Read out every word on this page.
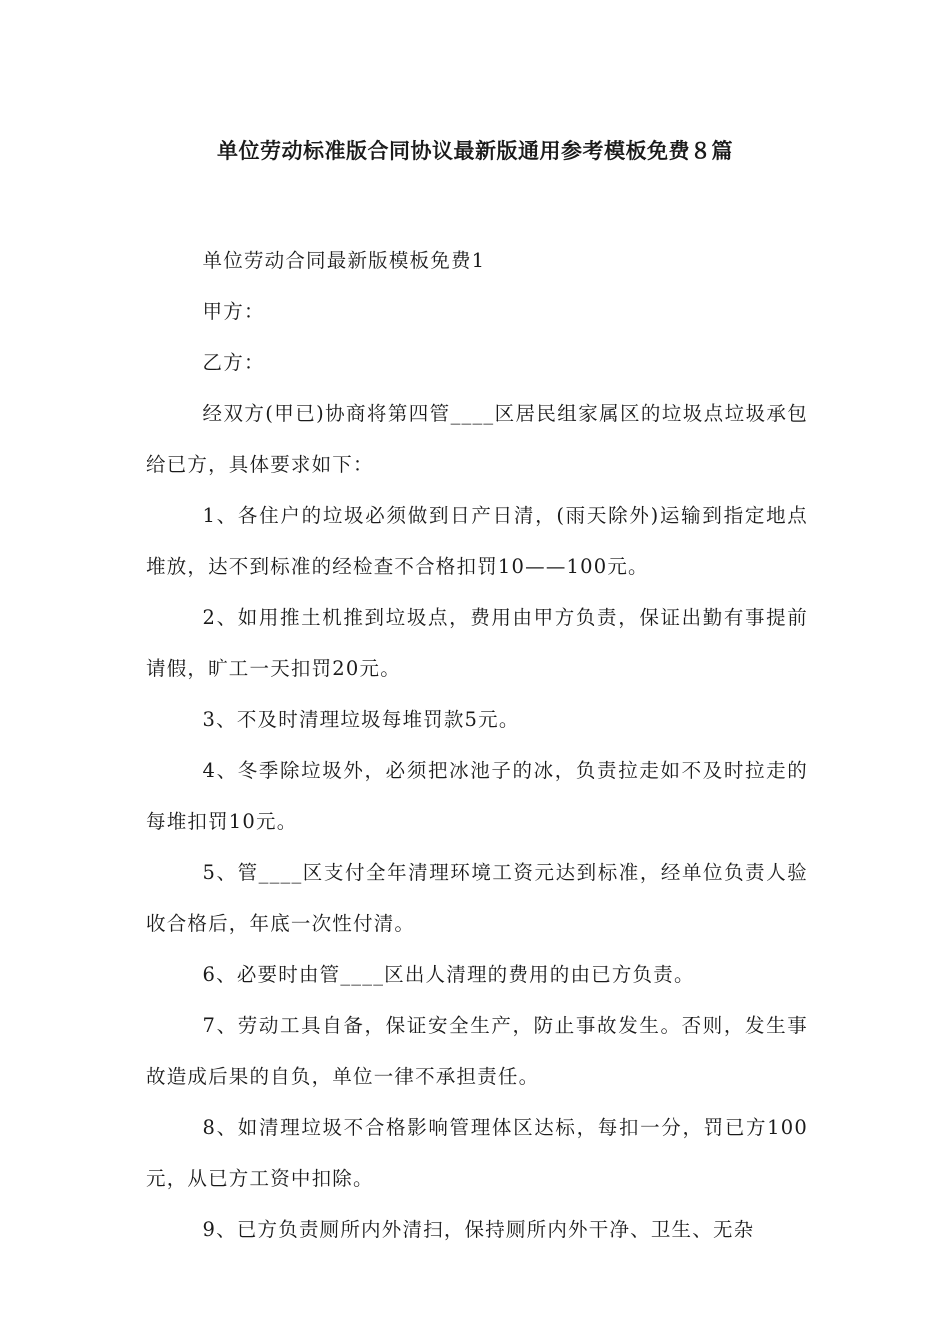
单位劳动标准版合同协议最新版通用参考模板免费８篇

单位劳动合同最新版模板免费1

甲方：

乙方：

经双方(甲已)协商将第四管____区居民组家属区的垃圾点垃圾承包给已方，具体要求如下：

1、各住户的垃圾必须做到日产日清，(雨天除外)运输到指定地点堆放，达不到标准的经检查不合格扣罚10——100元。

2、如用推土机推到垃圾点，费用由甲方负责，保证出勤有事提前请假，旷工一天扣罚20元。

3、不及时清理垃圾每堆罚款5元。

4、冬季除垃圾外，必须把冰池子的冰，负责拉走如不及时拉走的每堆扣罚10元。

5、管____区支付全年清理环境工资元达到标准，经单位负责人验收合格后，年底一次性付清。

6、必要时由管____区出人清理的费用的由已方负责。

7、劳动工具自备，保证安全生产，防止事故发生。否则，发生事故造成后果的自负，单位一律不承担责任。

8、如清理垃圾不合格影响管理体区达标，每扣一分，罚已方100元，从已方工资中扣除。

9、已方负责厕所内外清扫，保持厕所内外干净、卫生、无杂
